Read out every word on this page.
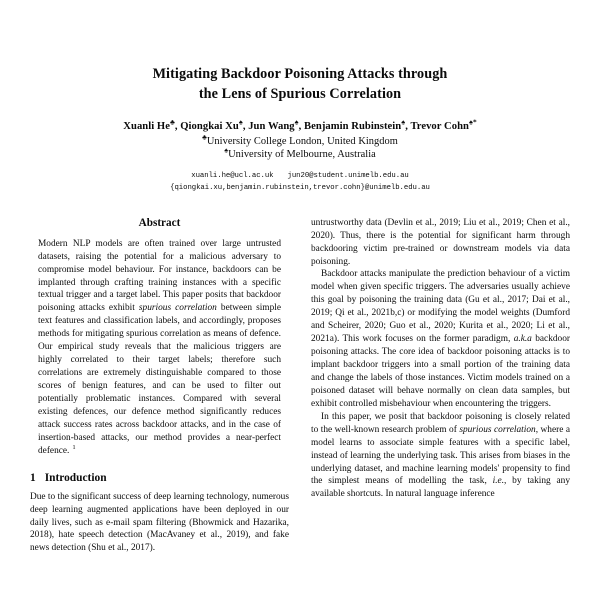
Mitigating Backdoor Poisoning Attacks through
the Lens of Spurious Correlation
Xuanli He♣, Qiongkai Xu♠, Jun Wang♠, Benjamin Rubinstein♠, Trevor Cohn♠*
♣University College London, United Kingdom
♠University of Melbourne, Australia
xuanli.he@ucl.ac.uk jun20@student.unimelb.edu.au
{qiongkai.xu,benjamin.rubinstein,trevor.cohn}@unimelb.edu.au
Abstract

Modern NLP models are often trained over large untrusted datasets, raising the potential for a malicious adversary to compromise model behaviour. For instance, backdoors can be implanted through crafting training instances with a specific textual trigger and a target label. This paper posits that backdoor poisoning attacks exhibit spurious correlation between simple text features and classification labels, and accordingly, proposes methods for mitigating spurious correlation as means of defence. Our empirical study reveals that the malicious triggers are highly correlated to their target labels; therefore such correlations are extremely distinguishable compared to those scores of benign features, and can be used to filter out potentially problematic instances. Compared with several existing defences, our defence method significantly reduces attack success rates across backdoor attacks, and in the case of insertion-based attacks, our method provides a near-perfect defence. $^1$

1 Introduction

Due to the significant success of deep learning technology, numerous deep learning augmented applications have been deployed in our daily lives, such as e-mail spam filtering (Bhowmick and Hazarika, 2018), hate speech detection (MacAvaney et al., 2019), and fake news detection (Shu et al., 2017).

untrustworthy data (Devlin et al., 2019; Liu et al., 2019; Chen et al., 2020). Thus, there is the potential for significant harm through backdooring victim pre-trained or downstream models via data poisoning.

Backdoor attacks manipulate the prediction behaviour of a victim model when given specific triggers. The adversaries usually achieve this goal by poisoning the training data (Gu et al., 2017; Dai et al., 2019; Qi et al., 2021b,c) or modifying the model weights (Dumford and Scheirer, 2020; Guo et al., 2020; Kurita et al., 2020; Li et al., 2021a). This work focuses on the former paradigm, a.k.a backdoor poisoning attacks. The core idea of backdoor poisoning attacks is to implant backdoor triggers into a small portion of the training data and change the labels of those instances. Victim models trained on a poisoned dataset will behave normally on clean data samples, but exhibit controlled misbehaviour when encountering the triggers.

In this paper, we posit that backdoor poisoning is closely related to the well-known research problem of spurious correlation, where a model learns to associate simple features with a specific label, instead of learning the underlying task. This arises from biases in the underlying dataset, and machine learning models' propensity to find the simplest means of modelling the task, i.e., by taking any available shortcuts. In natural language inference
